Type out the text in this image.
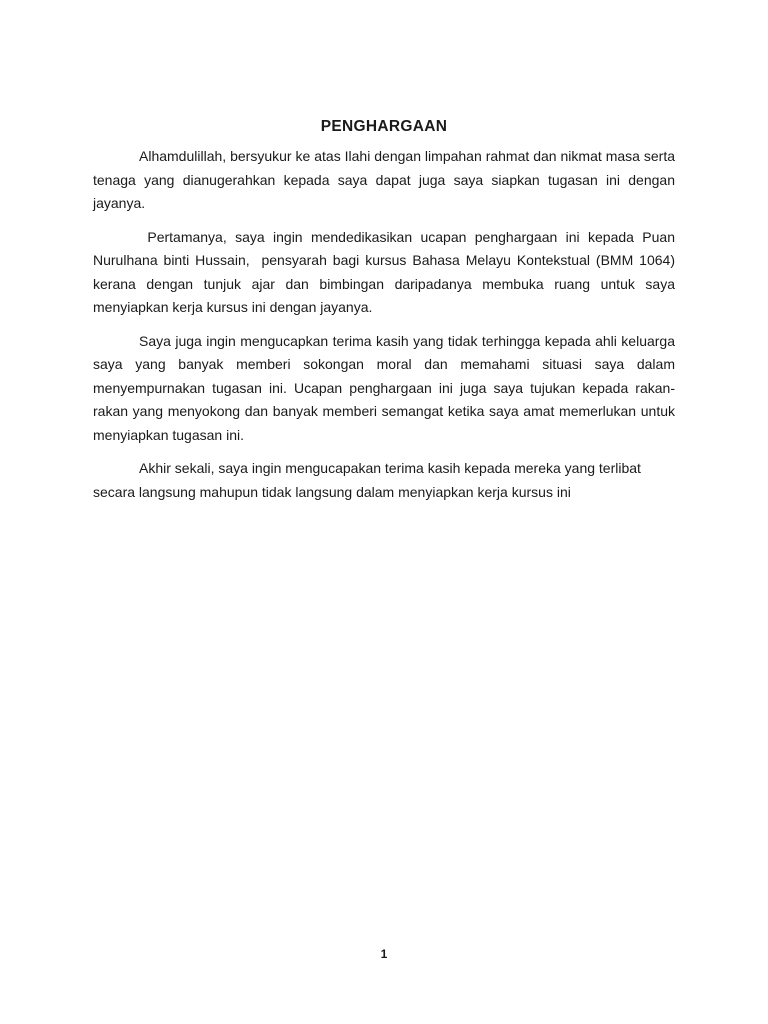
PENGHARGAAN

Alhamdulillah, bersyukur ke atas Ilahi dengan limpahan rahmat dan nikmat masa serta tenaga yang dianugerahkan kepada saya dapat juga saya siapkan tugasan ini dengan jayanya.

Pertamanya, saya ingin mendedikasikan ucapan penghargaan ini kepada Puan Nurulhana binti Hussain,  pensyarah bagi kursus Bahasa Melayu Kontekstual (BMM 1064) kerana dengan tunjuk ajar dan bimbingan daripadanya membuka ruang untuk saya menyiapkan kerja kursus ini dengan jayanya.

Saya juga ingin mengucapkan terima kasih yang tidak terhingga kepada ahli keluarga saya yang banyak memberi sokongan moral dan memahami situasi saya dalam menyempurnakan tugasan ini. Ucapan penghargaan ini juga saya tujukan kepada rakan-rakan yang menyokong dan banyak memberi semangat ketika saya amat memerlukan untuk menyiapkan tugasan ini.

Akhir sekali, saya ingin mengucapakan terima kasih kepada mereka yang terlibat secara langsung mahupun tidak langsung dalam menyiapkan kerja kursus ini

1
